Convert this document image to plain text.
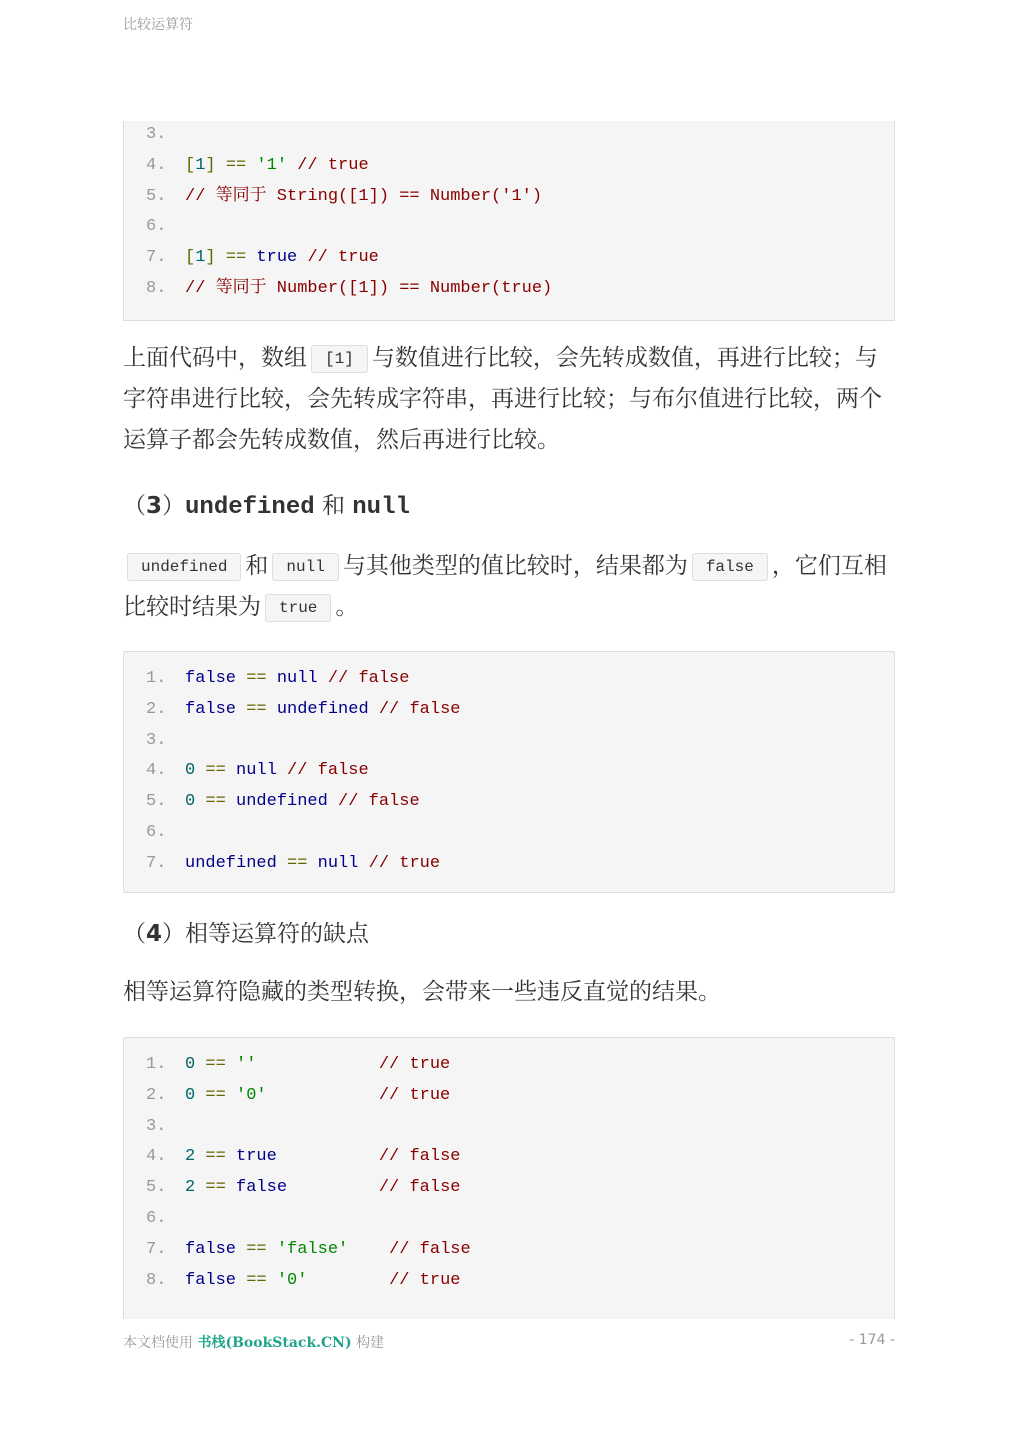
比较运算符
3.
4. [1] == '1' // true
5. // 等同于 String([1]) == Number('1')
6.
7. [1] == true // true
8. // 等同于 Number([1]) == Number(true)
上面代码中，数组 [1] 与数值进行比较，会先转成数值，再进行比较；与字符串进行比较，会先转成字符串，再进行比较；与布尔值进行比较，两个运算子都会先转成数值，然后再进行比较。
（3）undefined 和 null
undefined 和 null 与其他类型的值比较时，结果都为 false ，它们互相比较时结果为 true 。
1. false == null // false
2. false == undefined // false
3.
4. 0 == null // false
5. 0 == undefined // false
6.
7. undefined == null // true
（4）相等运算符的缺点
相等运算符隐藏的类型转换，会带来一些违反直觉的结果。
1. 0 == ''	// true
2. 0 == '0'	// true
3.
4. 2 == true	// false
5. 2 == false	// false
6.
7. false == 'false' // false
8. false == '0'	// true
本文档使用 书栈(BookStack.CN) 构建	- 174 -
